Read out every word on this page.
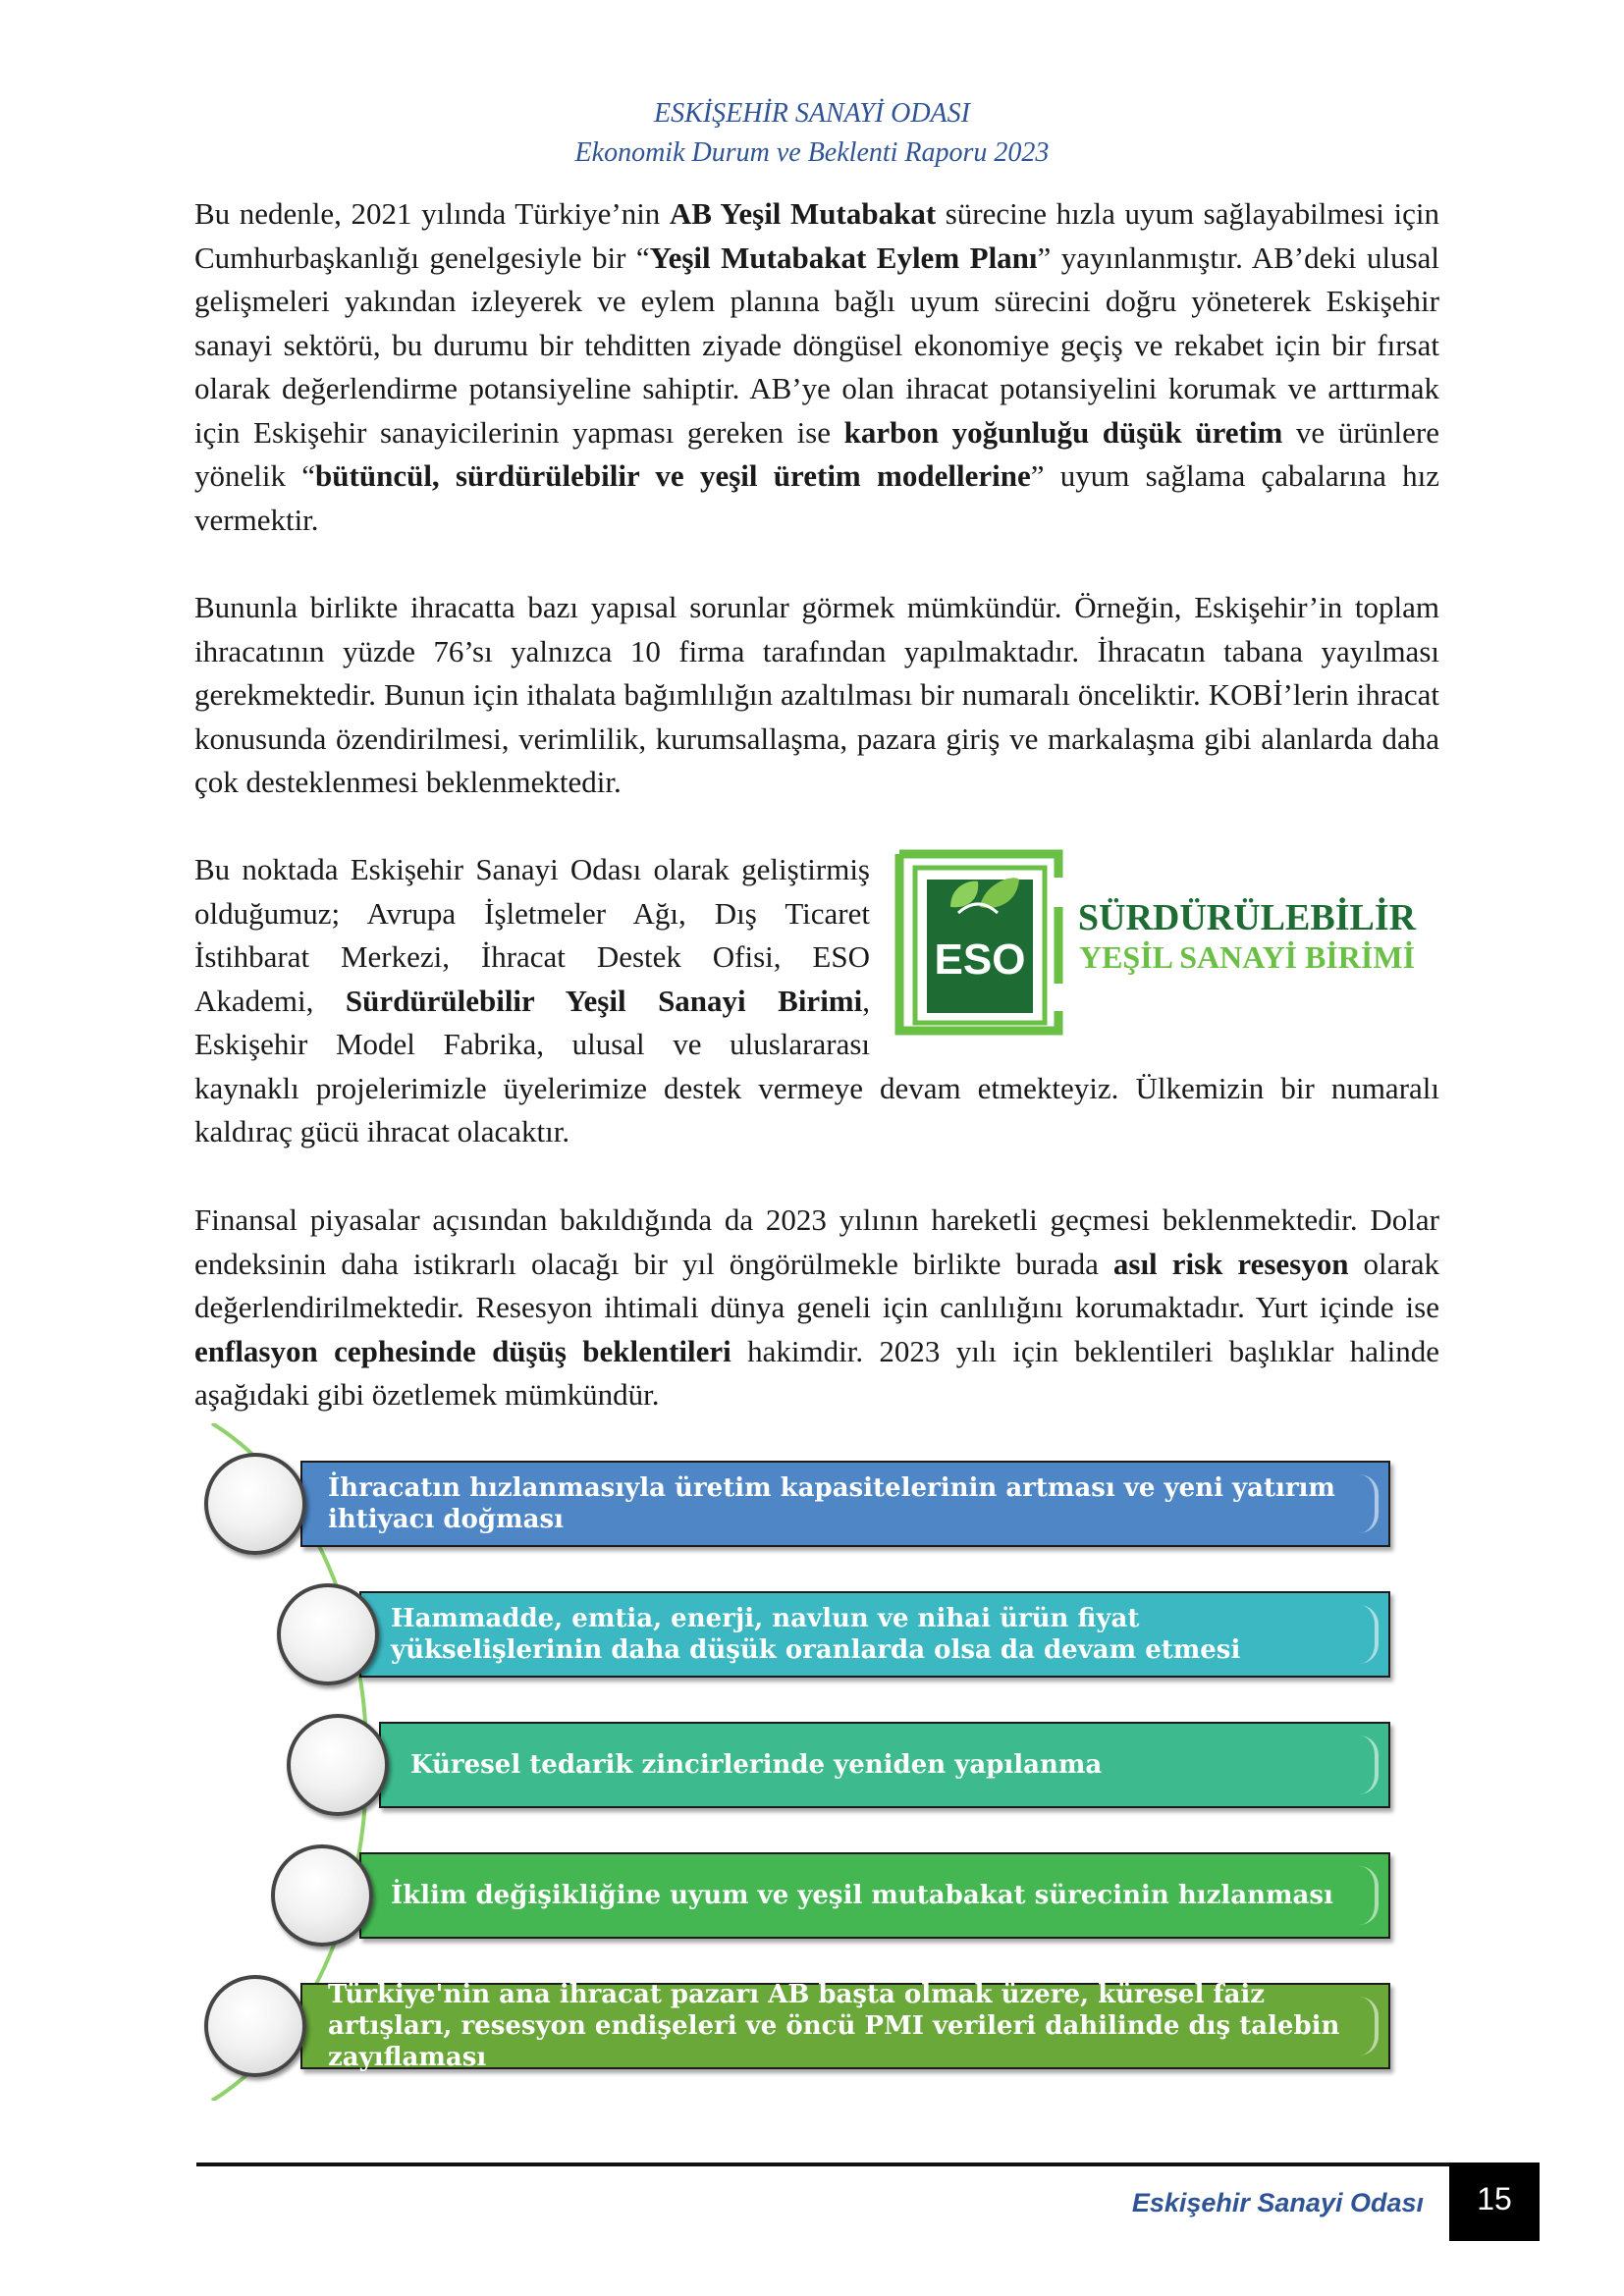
ESKİŞEHİR SANAYİ ODASI
Ekonomik Durum ve Beklenti Raporu 2023

Bu nedenle, 2021 yılında Türkiye’nin AB Yeşil Mutabakat sürecine hızla uyum sağlayabilmesi için Cumhurbaşkanlığı genelgesiyle bir “Yeşil Mutabakat Eylem Planı” yayınlanmıştır. AB’deki ulusal gelişmeleri yakından izleyerek ve eylem planına bağlı uyum sürecini doğru yöneterek Eskişehir sanayi sektörü, bu durumu bir tehditten ziyade döngüsel ekonomiye geçiş ve rekabet için bir fırsat olarak değerlendirme potansiyeline sahiptir. AB’ye olan ihracat potansiyelini korumak ve arttırmak için Eskişehir sanayicilerinin yapması gereken ise karbon yoğunluğu düşük üretim ve ürünlere yönelik “bütüncül, sürdürülebilir ve yeşil üretim modellerine” uyum sağlama çabalarına hız vermektir.

Bununla birlikte ihracatta bazı yapısal sorunlar görmek mümkündür. Örneğin, Eskişehir’in toplam ihracatının yüzde 76’sı yalnızca 10 firma tarafından yapılmaktadır. İhracatın tabana yayılması gerekmektedir. Bunun için ithalata bağımlılığın azaltılması bir numaralı önceliktir. KOBİ’lerin ihracat konusunda özendirilmesi, verimlilik, kurumsallaşma, pazara giriş ve markalaşma gibi alanlarda daha çok desteklenmesi beklenmektedir.

ESO
SÜRDÜRÜLEBİLİR
YEŞİL SANAYİ BİRİMİ

Bu noktada Eskişehir Sanayi Odası olarak geliştirmiş olduğumuz; Avrupa İşletmeler Ağı, Dış Ticaret İstihbarat Merkezi, İhracat Destek Ofisi, ESO Akademi, Sürdürülebilir Yeşil Sanayi Birimi, Eskişehir Model Fabrika, ulusal ve uluslararası kaynaklı projelerimizle üyelerimize destek vermeye devam etmekteyiz. Ülkemizin bir numaralı kaldıraç gücü ihracat olacaktır.

Finansal piyasalar açısından bakıldığında da 2023 yılının hareketli geçmesi beklenmektedir. Dolar endeksinin daha istikrarlı olacağı bir yıl öngörülmekle birlikte burada asıl risk resesyon olarak değerlendirilmektedir. Resesyon ihtimali dünya geneli için canlılığını korumaktadır. Yurt içinde ise enflasyon cephesinde düşüş beklentileri hakimdir. 2023 yılı için beklentileri başlıklar halinde aşağıdaki gibi özetlemek mümkündür.

İhracatın hızlanmasıyla üretim kapasitelerinin artması ve yeni yatırım ihtiyacı doğması
Hammadde, emtia, enerji, navlun ve nihai ürün fiyat yükselişlerinin daha düşük oranlarda olsa da devam etmesi
Küresel tedarik zincirlerinde yeniden yapılanma
İklim değişikliğine uyum ve yeşil mutabakat sürecinin hızlanması
Türkiye'nin ana ihracat pazarı AB başta olmak üzere, küresel faiz artışları, resesyon endişeleri ve öncü PMI verileri dahilinde dış talebin zayıflaması
Eskişehir Sanayi Odası	15
